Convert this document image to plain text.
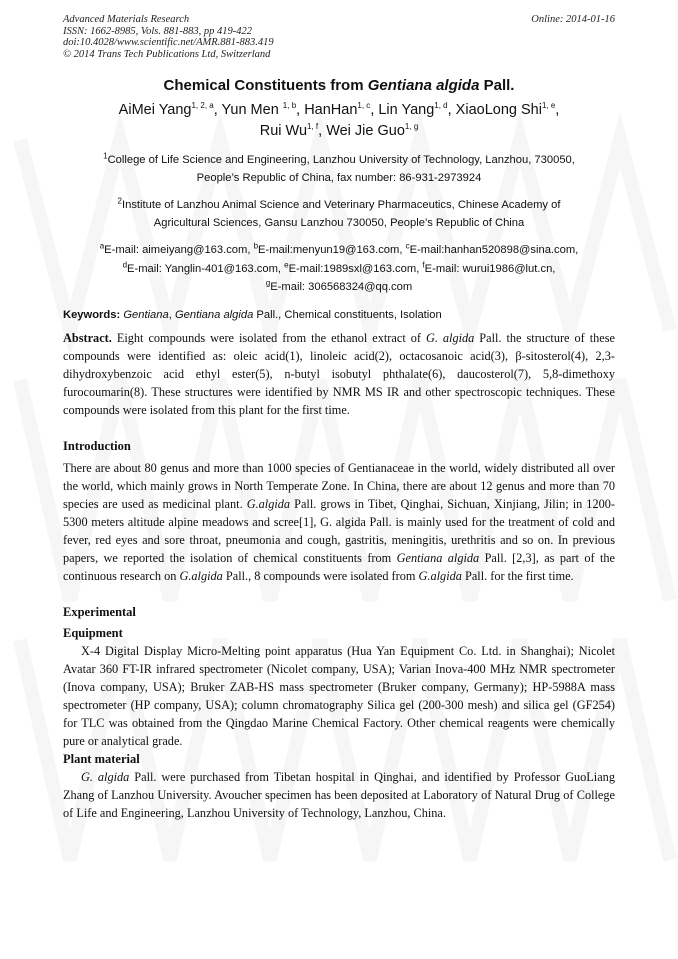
Advanced Materials Research
ISSN: 1662-8985, Vols. 881-883, pp 419-422
doi:10.4028/www.scientific.net/AMR.881-883.419
© 2014 Trans Tech Publications Ltd, Switzerland
Online: 2014-01-16
Chemical Constituents from Gentiana algida Pall.
AiMei Yang$^{1, 2, a}$, Yun Men $^{1, b}$, HanHan$^{1, c}$, Lin Yang$^{1, d}$, XiaoLong Shi$^{1, e}$,
Rui Wu$^{1, f}$, Wei Jie Guo$^{1, g}$
$^1$College of Life Science and Engineering, Lanzhou University of Technology, Lanzhou, 730050,
People’s Republic of China, fax number: 86-931-2973924
$^2$Institute of Lanzhou Animal Science and Veterinary Pharmaceutics, Chinese Academy of
Agricultural Sciences, Gansu Lanzhou 730050, People’s Republic of China
$^a$E-mail: aimeiyang@163.com, $^b$E-mail:menyun19@163.com, $^c$E-mail:hanhan520898@sina.com,
$^d$E-mail: Yanglin-401@163.com, $^e$E-mail:1989sxl@163.com, $^f$E-mail: wurui1986@lut.cn,
$^g$E-mail: 306568324@qq.com
Keywords: Gentiana, Gentiana algida Pall., Chemical constituents, Isolation

Abstract. Eight compounds were isolated from the ethanol extract of G. algida Pall. the structure of these compounds were identified as: oleic acid(1), linoleic acid(2), octacosanoic acid(3), β-sitosterol(4), 2,3-dihydroxybenzoic acid ethyl ester(5), n-butyl isobutyl phthalate(6), daucosterol(7), 5,8-dimethoxy furocoumarin(8). These structures were identified by NMR MS IR and other spectroscopic techniques. These compounds were isolated from this plant for the first time.

Introduction

There are about 80 genus and more than 1000 species of Gentianaceae in the world, widely distributed all over the world, which mainly grows in North Temperate Zone. In China, there are about 12 genus and more than 70 species are used as medicinal plant. G.algida Pall. grows in Tibet, Qinghai, Sichuan, Xinjiang, Jilin; in 1200-5300 meters altitude alpine meadows and scree[1], G. algida Pall. is mainly used for the treatment of cold and fever, red eyes and sore throat, pneumonia and cough, gastritis, meningitis, urethritis and so on. In previous papers, we reported the isolation of chemical constituents from Gentiana algida Pall. [2,3], as part of the continuous research on G.algida Pall., 8 compounds were isolated from G.algida Pall. for the first time.

Experimental
Equipment

X-4 Digital Display Micro-Melting point apparatus (Hua Yan Equipment Co. Ltd. in Shanghai); Nicolet Avatar 360 FT-IR infrared spectrometer (Nicolet company, USA); Varian Inova-400 MHz NMR spectrometer (Inova company, USA); Bruker ZAB-HS mass spectrometer (Bruker company, Germany); HP-5988A mass spectrometer (HP company, USA); column chromatography Silica gel (200-300 mesh) and silica gel (GF254) for TLC was obtained from the Qingdao Marine Chemical Factory. Other chemical reagents were chemically pure or analytical grade.

Plant material

G. algida Pall. were purchased from Tibetan hospital in Qinghai, and identified by Professor GuoLiang Zhang of Lanzhou University. Avoucher specimen has been deposited at Laboratory of Natural Drug of College of Life and Engineering, Lanzhou University of Technology, Lanzhou, China.
